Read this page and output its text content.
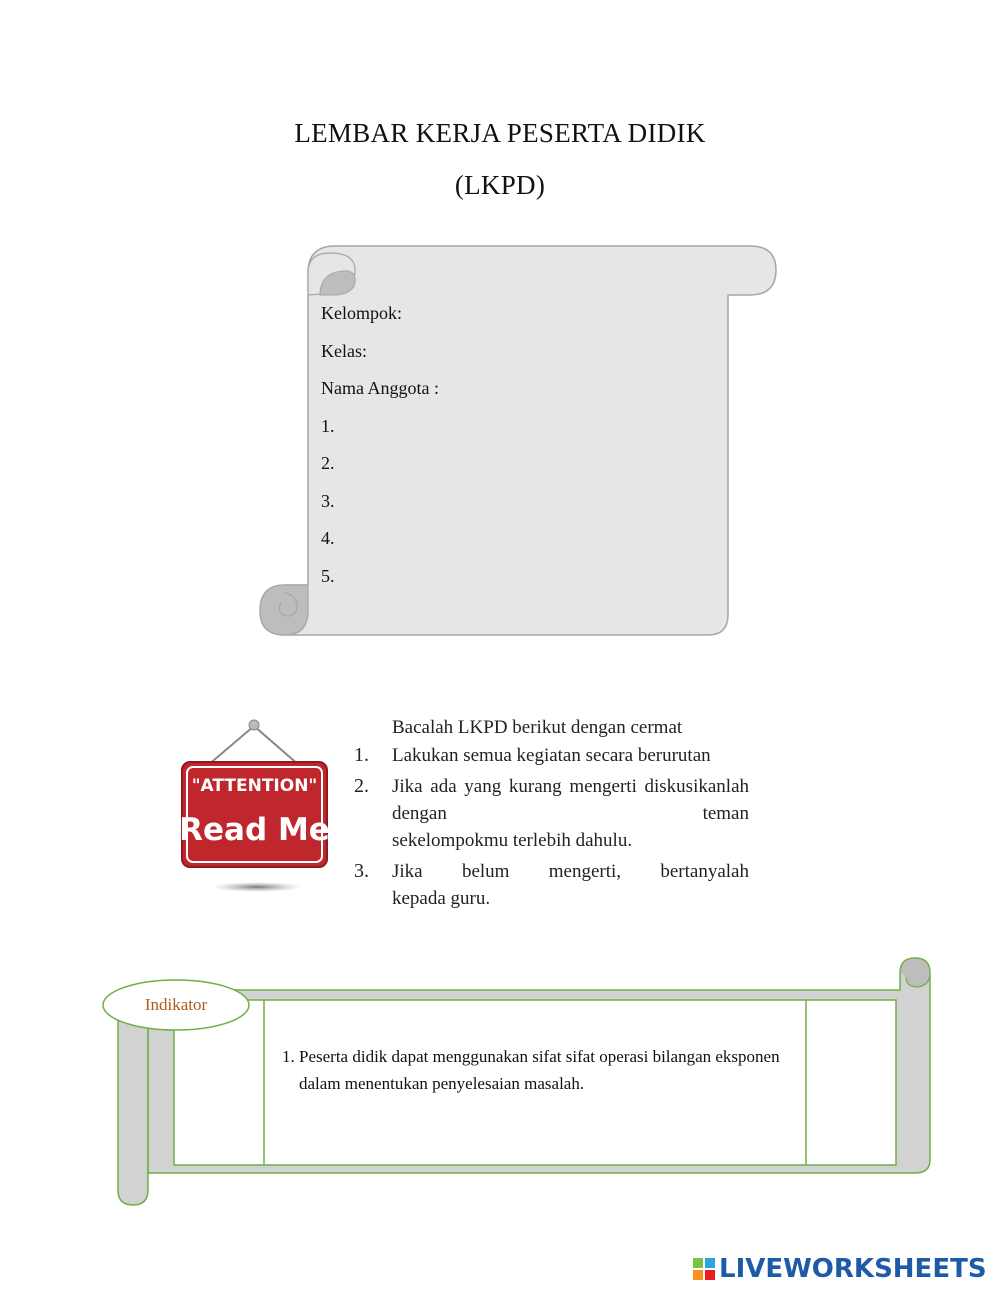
LEMBAR KERJA PESERTA DIDIK
(LKPD)
Kelompok:
Kelas:
Nama Anggota :
1.
2.
3.
4.
5.
"ATTENTION"
Read Me
Bacalah LKPD berikut dengan cermat
1. Lakukan semua kegiatan secara berurutan
2. Jika ada yang kurang mengerti diskusikanlah dengan teman
sekelompokmu terlebih dahulu.
3. Jika belum mengerti, bertanyalah
kepada guru.
Indikator
1. Peserta didik dapat menggunakan sifat sifat operasi bilangan eksponen dalam menentukan penyelesaian masalah.
LIVEWORKSHEETS
